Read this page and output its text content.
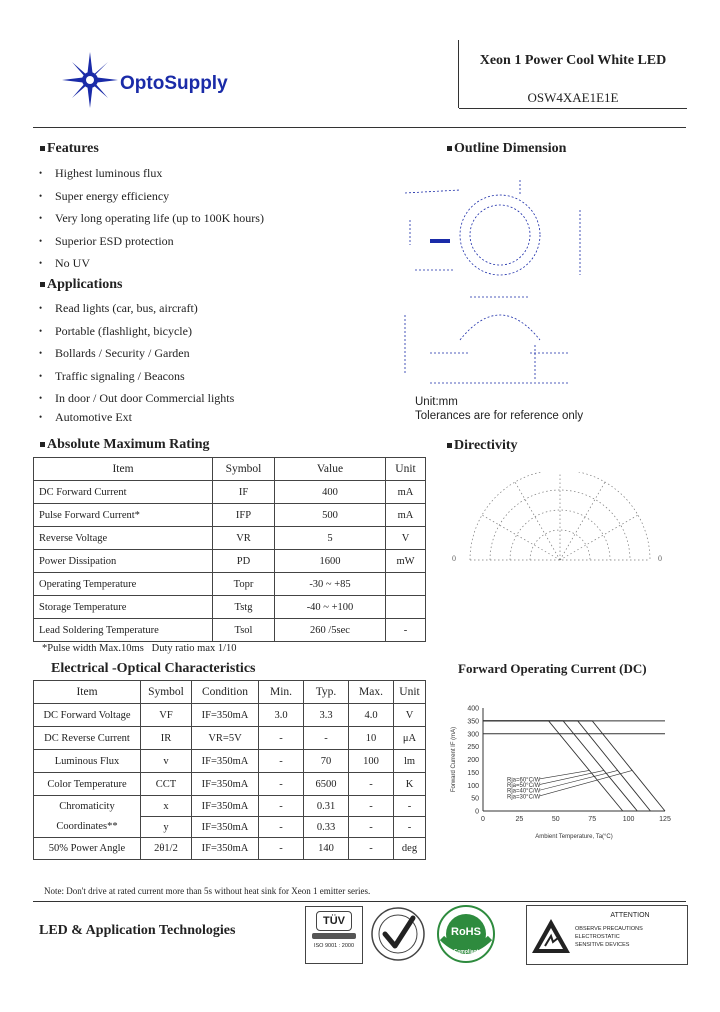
OptoSupply
Xeon 1 Power Cool White LED
OSW4XAE1E1E
Features
• Highest luminous flux
• Super energy efficiency
• Very long operating life (up to 100K hours)
• Superior ESD protection
• No UV
Applications
• Read lights (car, bus, aircraft)
• Portable (flashlight, bicycle)
• Bollards / Security / Garden
• Traffic signaling / Beacons
• In door / Out door Commercial lights
• Automotive Ext
Outline Dimension
Unit:mm
Tolerances are for reference only
Absolute Maximum Rating
Item	Symbol	Value	Unit
DC Forward Current	IF	400	mA
Pulse Forward Current*	IFP	500	mA
Reverse Voltage	VR	5	V
Power Dissipation	PD	1600	mW
Operating Temperature	Topr	-30 ~ +85	
Storage Temperature	Tstg	-40 ~ +100	
Lead Soldering Temperature	Tsol	260 /5sec	-
*Pulse width Max.10ms   Duty ratio max 1/10
Directivity
0	0
Electrical -Optical Characteristics
Item	Symbol	Condition	Min.	Typ.	Max.	Unit
DC Forward Voltage	VF	IF=350mA	3.0	3.3	4.0	V
DC Reverse Current	IR	VR=5V	-	-	10	μA
Luminous Flux	v	IF=350mA	-	70	100	lm
Color Temperature	CCT	IF=350mA	-	6500	-	K
Chromaticity	x	IF=350mA	-	0.31	-	-
Coordinates**	y	IF=350mA	-	0.33	-	-
50% Power Angle	2θ1/2	IF=350mA	-	140	-	deg
Forward Operating Current (DC)
0
50
100
150
200
250
300
350
400
0	25	50	75	100	125
Ambient Temperature, Ta(°C)
Forward Current IF (mA)	Rja=60°C/W
Rja=50°C/W
Rja=40°C/W
Rja=30°C/W
Note: Don't drive at rated current more than 5s without heat sink for Xeon 1 emitter series.
LED & Application Technologies
TÜV
ISO 9001 : 2000
RoHS
Compliant
ATTENTION
OBSERVE PRECAUTIONS
ELECTROSTATIC
SENSITIVE DEVICES
